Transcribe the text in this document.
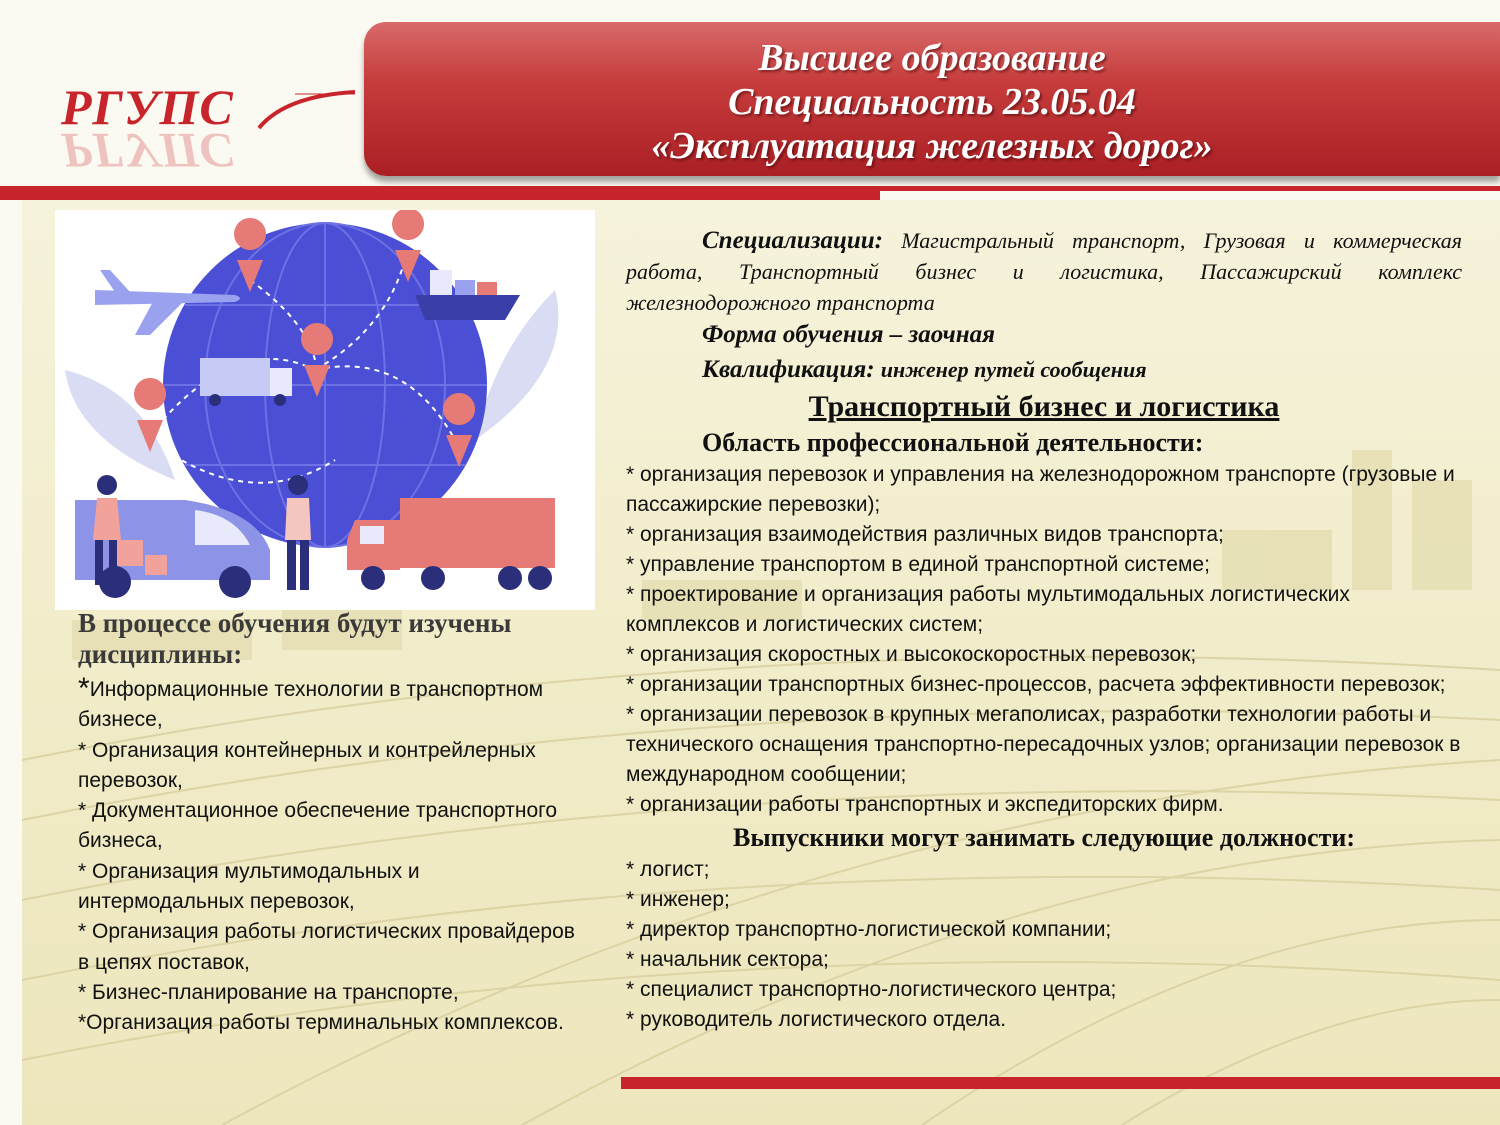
РГУПС
РГУПС
Высшее образование
Специальность 23.05.04
«Эксплуатация железных дорог»
В процессе обучения будут изучены дисциплины:
*Информационные технологии в транспортном бизнесе,
* Организация контейнерных и контрейлерных перевозок,
* Документационное обеспечение транспортного бизнеса,
* Организация мультимодальных и интермодальных перевозок,
* Организация работы логистических провайдеров в цепях поставок,
* Бизнес-планирование на транспорте,
*Организация работы терминальных комплексов.
Специализации: Магистральный транспорт, Грузовая и коммерческая работа, Транспортный бизнес и логистика, Пассажирский комплекс железнодорожного транспорта
Форма обучения – заочная
Квалификация: инженер путей сообщения
Транспортный бизнес и логистика
Область профессиональной деятельности:
* организация перевозок и управления на железнодорожном транспорте (грузовые и пассажирские перевозки);
* организация взаимодействия различных видов транспорта;
* управление транспортом в единой транспортной системе;
* проектирование и организация работы мультимодальных логистических комплексов и логистических систем;
* организация скоростных и высокоскоростных перевозок;
* организации транспортных бизнес-процессов, расчета эффективности перевозок;
* организации перевозок в крупных мегаполисах, разработки технологии работы и технического оснащения транспортно-пересадочных узлов; организации перевозок в международном сообщении;
* организации работы транспортных и экспедиторских фирм.
Выпускники могут занимать следующие должности:
* логист;
* инженер;
* директор транспортно-логистической компании;
* начальник сектора;
* специалист транспортно-логистического центра;
* руководитель логистического отдела.
